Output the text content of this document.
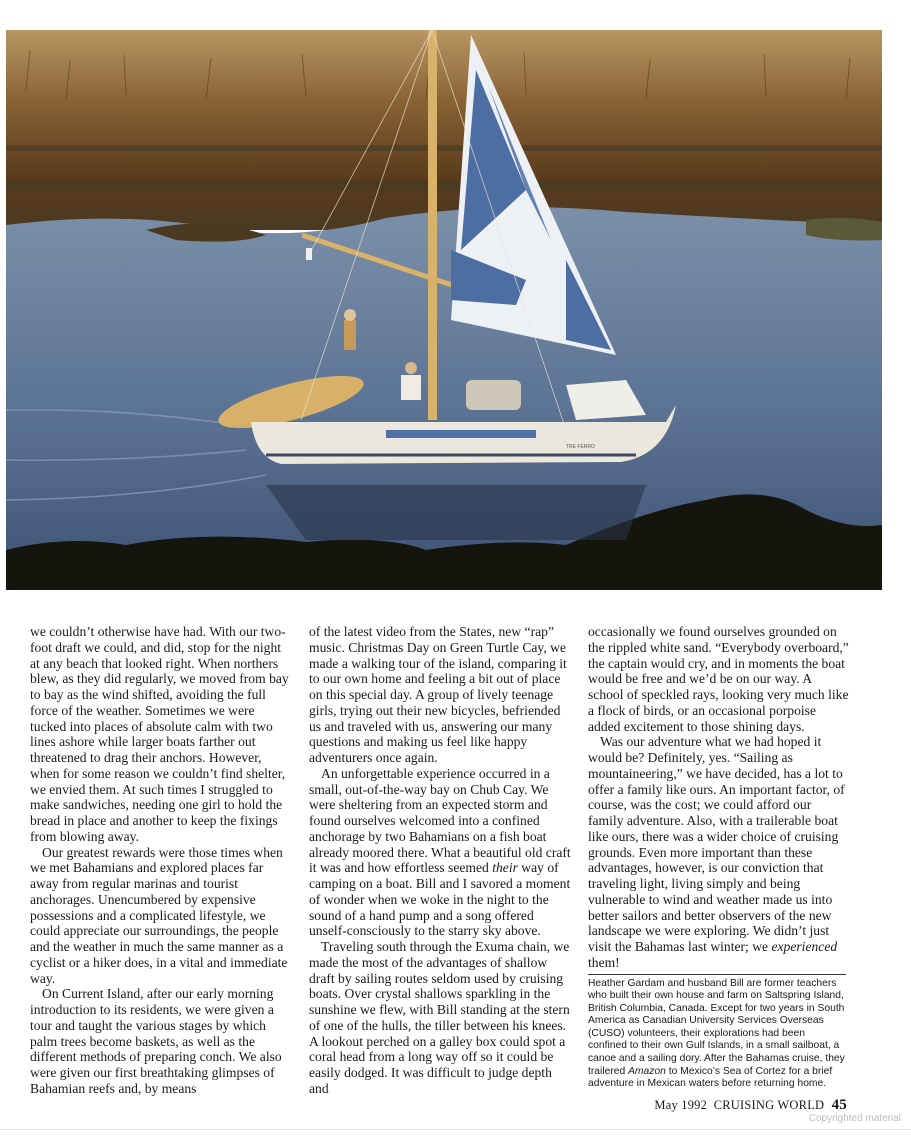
TRE FERRO

we couldn’t otherwise have had. With our two-foot draft we could, and did, stop for the night at any beach that looked right. When northers blew, as they did regularly, we moved from bay to bay as the wind shifted, avoiding the full force of the weather. Sometimes we were tucked into places of absolute calm with two lines ashore while larger boats farther out threatened to drag their anchors. However, when for some reason we couldn’t find shelter, we envied them. At such times I struggled to make sandwiches, needing one girl to hold the bread in place and another to keep the fixings from blowing away.

Our greatest rewards were those times when we met Bahamians and explored places far away from regular marinas and tourist anchorages. Unencumbered by expensive possessions and a complicated lifestyle, we could appreciate our surroundings, the people and the weather in much the same manner as a cyclist or a hiker does, in a vital and immediate way.

On Current Island, after our early morning introduction to its residents, we were given a tour and taught the various stages by which palm trees become baskets, as well as the different methods of preparing conch. We also were given our first breathtaking glimpses of Bahamian reefs and, by means

of the latest video from the States, new “rap” music. Christmas Day on Green Turtle Cay, we made a walking tour of the island, comparing it to our own home and feeling a bit out of place on this special day. A group of lively teenage girls, trying out their new bicycles, befriended us and traveled with us, answering our many questions and making us feel like happy adventurers once again.

An unforgettable experience occurred in a small, out-of-the-way bay on Chub Cay. We were sheltering from an expected storm and found ourselves welcomed into a confined anchorage by two Bahamians on a fish boat already moored there. What a beautiful old craft it was and how effortless seemed their way of camping on a boat. Bill and I savored a moment of wonder when we woke in the night to the sound of a hand pump and a song offered unself-consciously to the starry sky above.

Traveling south through the Exuma chain, we made the most of the advantages of shallow draft by sailing routes seldom used by cruising boats. Over crystal shallows sparkling in the sunshine we flew, with Bill standing at the stern of one of the hulls, the tiller between his knees. A lookout perched on a galley box could spot a coral head from a long way off so it could be easily dodged. It was difficult to judge depth and

occasionally we found ourselves grounded on the rippled white sand. “Everybody overboard,” the captain would cry, and in moments the boat would be free and we’d be on our way. A school of speckled rays, looking very much like a flock of birds, or an occasional porpoise added excitement to those shining days.

Was our adventure what we had hoped it would be? Definitely, yes. “Sailing as mountaineering,” we have decided, has a lot to offer a family like ours. An important factor, of course, was the cost; we could afford our family adventure. Also, with a trailerable boat like ours, there was a wider choice of cruising grounds. Even more important than these advantages, however, is our conviction that traveling light, living simply and being vulnerable to wind and weather made us into better sailors and better observers of the new landscape we were exploring. We didn’t just visit the Bahamas last winter; we experienced them!

Heather Gardam and husband Bill are former teachers who built their own house and farm on Saltspring Island, British Columbia, Canada. Except for two years in South America as Canadian University Services Overseas (CUSO) volunteers, their explorations had been confined to their own Gulf Islands, in a small sailboat, a canoe and a sailing dory. After the Bahamas cruise, they trailered Amazon to Mexico’s Sea of Cortez for a brief adventure in Mexican waters before returning home.
May 1992 CRUISING WORLD 45
Copyrighted material
